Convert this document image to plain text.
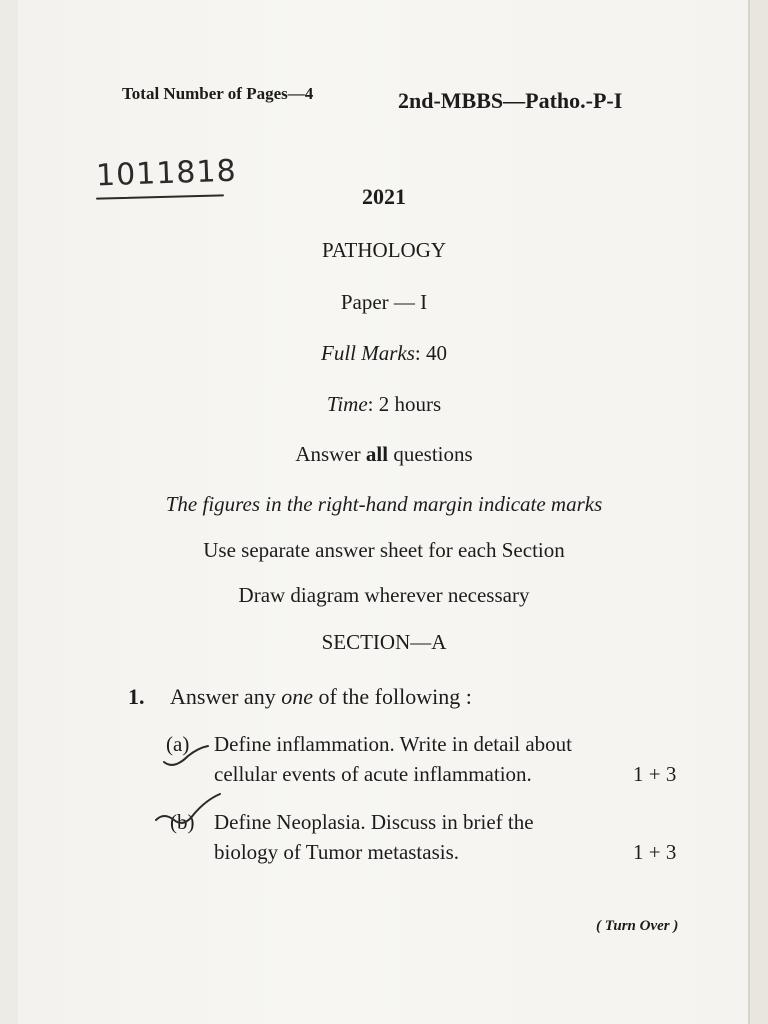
Total Number of Pages—4	2nd-MBBS—Patho.-P-I
1011818
2021
PATHOLOGY
Paper — I
Full Marks: 40
Time: 2 hours
Answer all questions
The figures in the right-hand margin indicate marks
Use separate answer sheet for each Section
Draw diagram wherever necessary
SECTION—A
1. Answer any one of the following :
(a) Define inflammation. Write in detail about
cellular events of acute inflammation.	1 + 3
(b) Define Neoplasia. Discuss in brief the
biology of Tumor metastasis.	1 + 3
( Turn Over )
